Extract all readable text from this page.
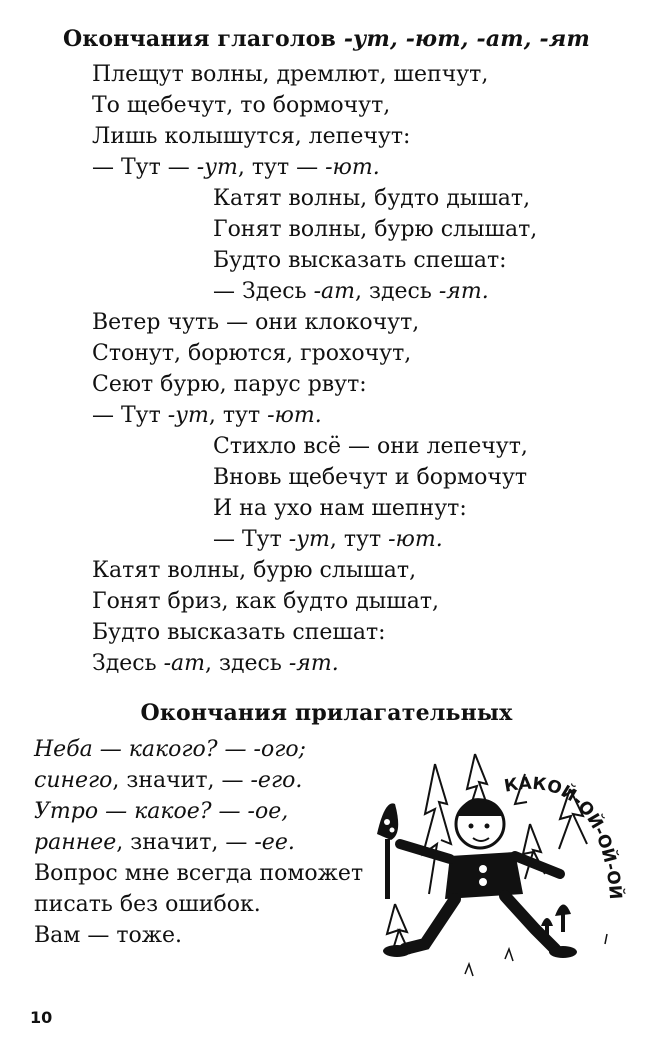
Окончания глаголов -ут, -ют, -ат, -ят
Плещут волны, дремлют, шепчут,
То щебечут, то бормочут,
Лишь колышутся, лепечут:
— Тут — -ут, тут — -ют.
Катят волны, будто дышат,
Гонят волны, бурю слышат,
Будто высказать спешат:
— Здесь -ат, здесь -ят.
Ветер чуть — они клокочут,
Стонут, борются, грохочут,
Сеют бурю, парус рвут:
— Тут -ут, тут -ют.
Стихло всё — они лепечут,
Вновь щебечут и бормочут
И на ухо нам шепнут:
— Тут -ут, тут -ют.
Катят волны, бурю слышат,
Гонят бриз, как будто дышат,
Будто высказать спешат:
Здесь -ат, здесь -ят.
Окончания прилагательных
Неба — какого? — -ого;
синего, значит, — -его.
Утро — какое? — -ое,
раннее, значит, — -ее.
Вопрос мне всегда поможет
писать без ошибок.
Вам — тоже.
КАКОЙ-ОЙ-ОЙ-ОЙ
10
